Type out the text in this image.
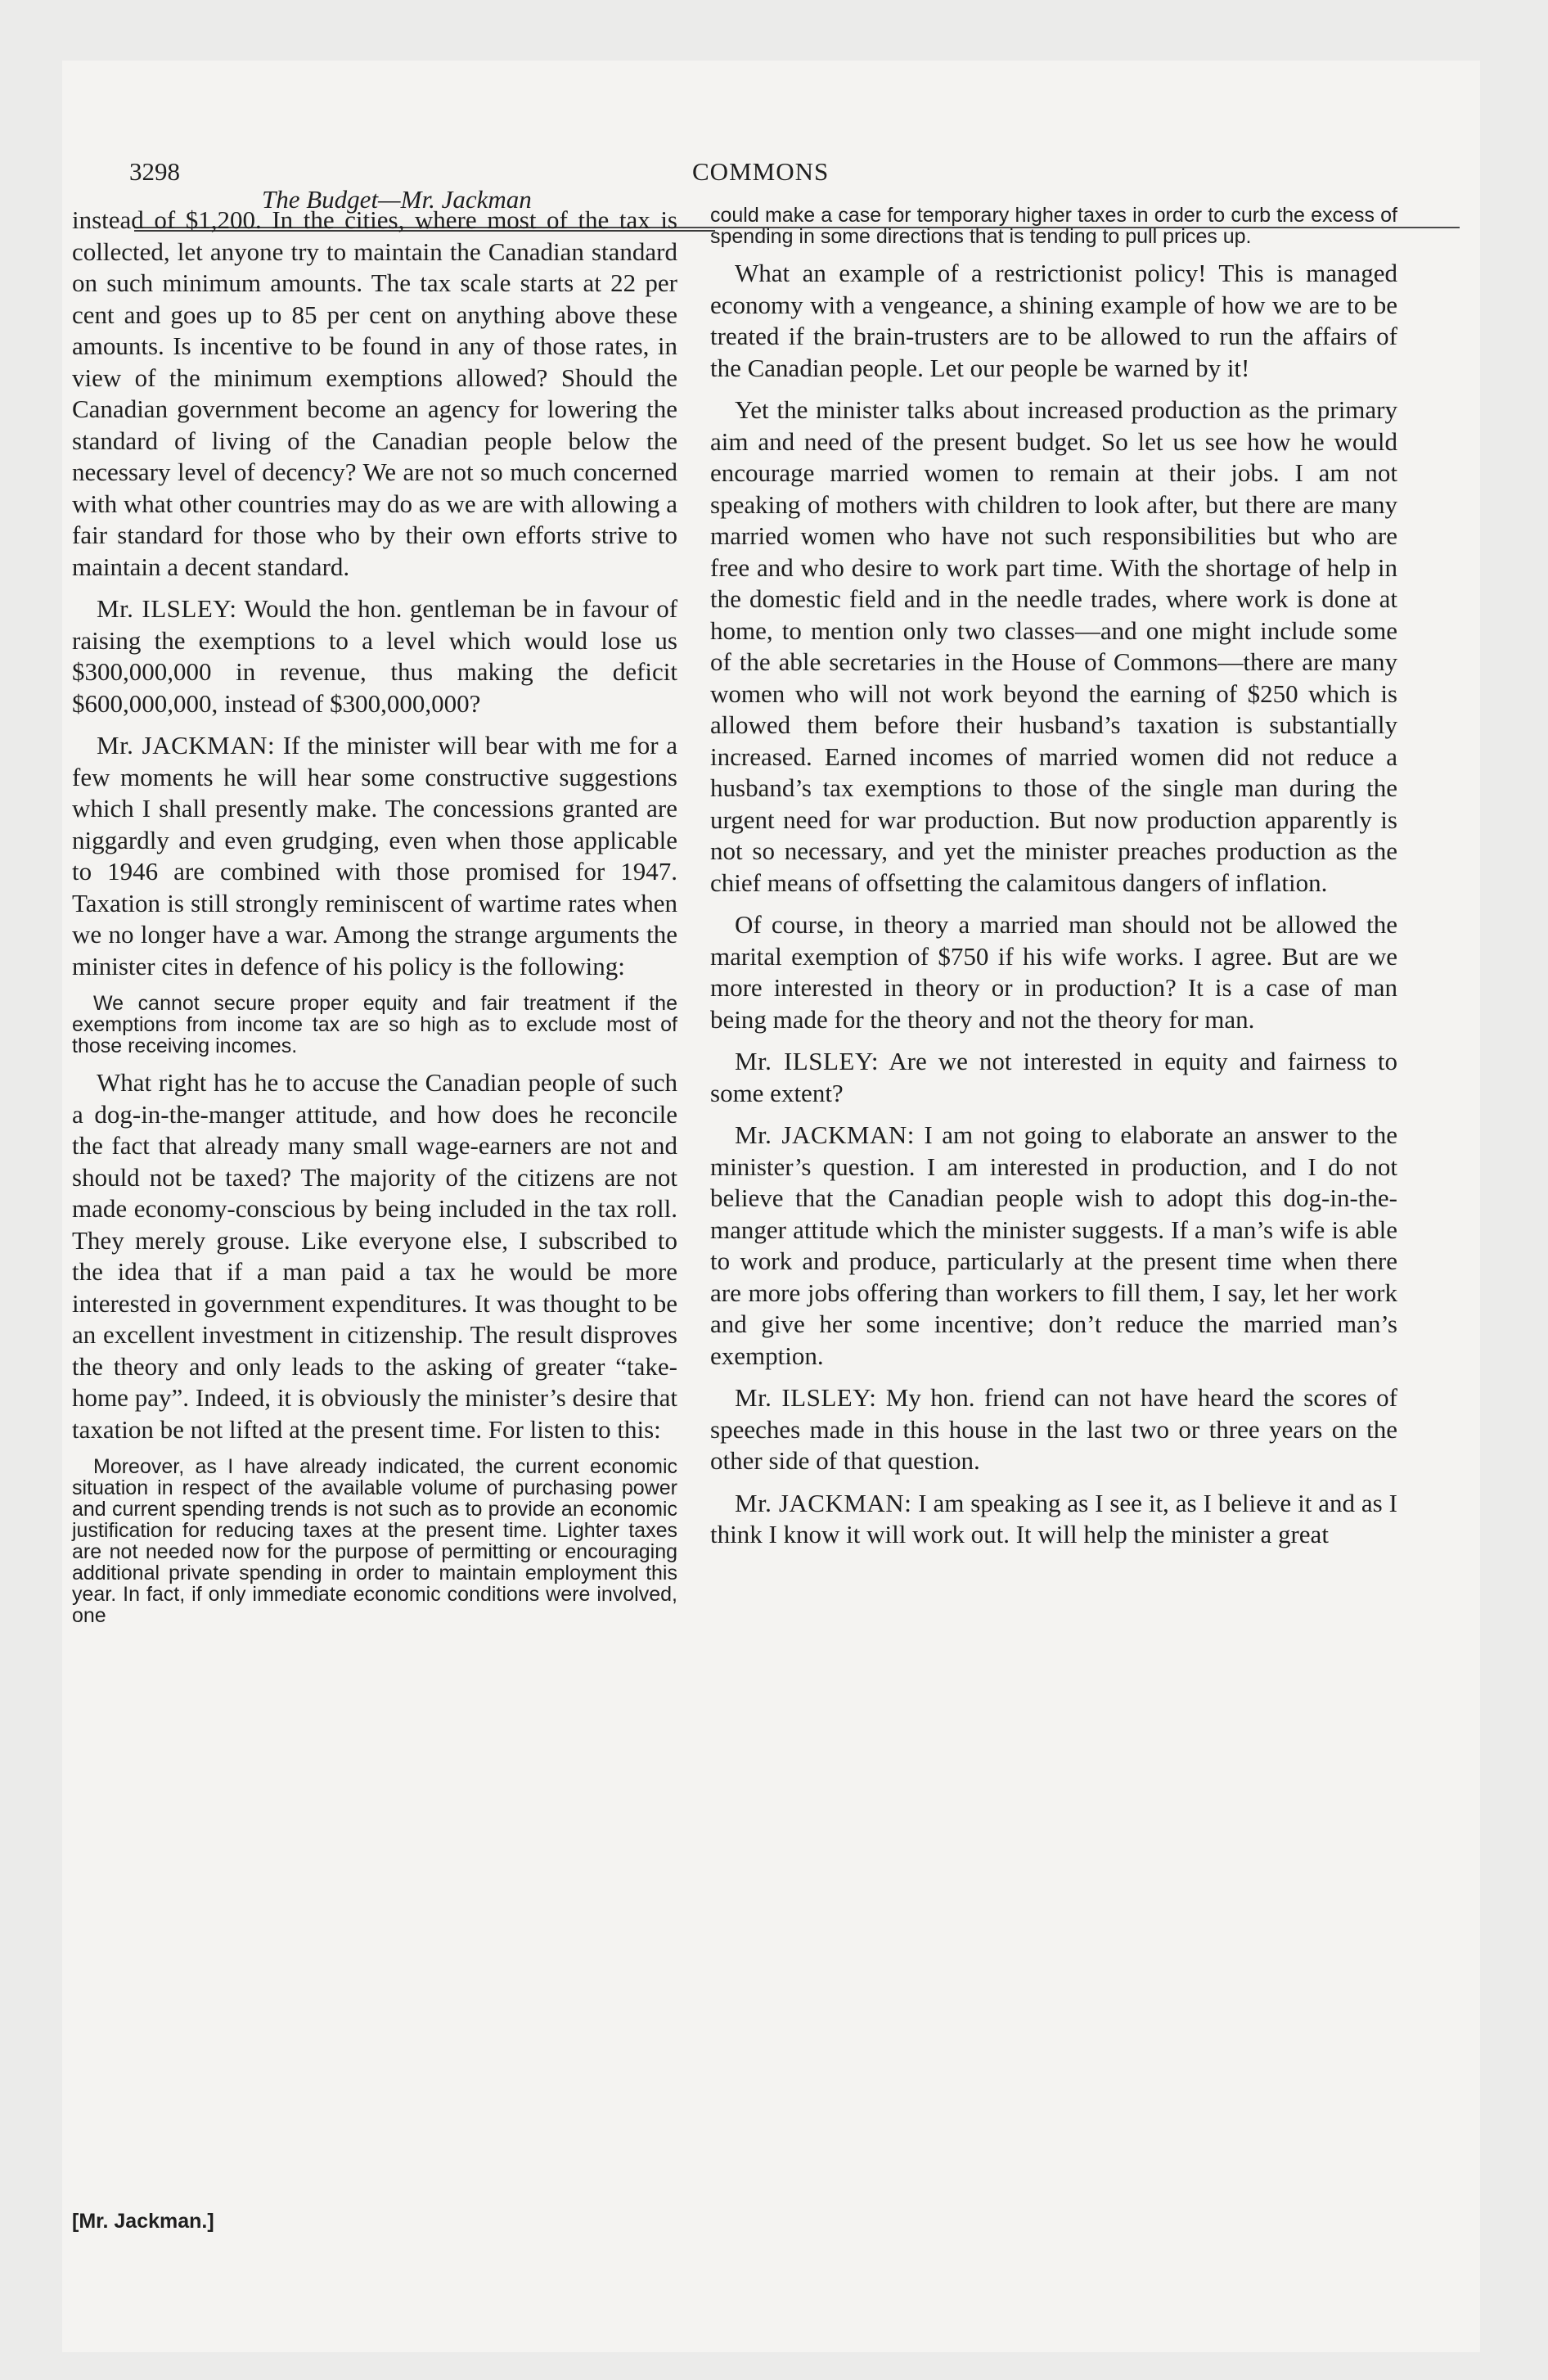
3298	COMMONS
The Budget—Mr. Jackman

instead of $1,200. In the cities, where most of the tax is collected, let anyone try to maintain the Canadian standard on such minimum amounts. The tax scale starts at 22 per cent and goes up to 85 per cent on anything above these amounts. Is incentive to be found in any of those rates, in view of the minimum exemptions allowed? Should the Canadian government become an agency for lowering the standard of living of the Canadian people below the necessary level of decency? We are not so much concerned with what other countries may do as we are with allowing a fair standard for those who by their own efforts strive to maintain a decent standard.

Mr. ILSLEY: Would the hon. gentleman be in favour of raising the exemptions to a level which would lose us $300,000,000 in revenue, thus making the deficit $600,000,000, instead of $300,000,000?

Mr. JACKMAN: If the minister will bear with me for a few moments he will hear some constructive suggestions which I shall presently make. The concessions granted are niggardly and even grudging, even when those applicable to 1946 are combined with those promised for 1947. Taxation is still strongly reminiscent of wartime rates when we no longer have a war. Among the strange arguments the minister cites in defence of his policy is the following:

We cannot secure proper equity and fair treatment if the exemptions from income tax are so high as to exclude most of those receiving incomes.

What right has he to accuse the Canadian people of such a dog-in-the-manger attitude, and how does he reconcile the fact that already many small wage-earners are not and should not be taxed? The majority of the citizens are not made economy-conscious by being included in the tax roll. They merely grouse. Like everyone else, I subscribed to the idea that if a man paid a tax he would be more interested in government expenditures. It was thought to be an excellent investment in citizenship. The result disproves the theory and only leads to the asking of greater “take-home pay”. Indeed, it is obviously the minister’s desire that taxation be not lifted at the present time. For listen to this:

Moreover, as I have already indicated, the current economic situation in respect of the available volume of purchasing power and current spending trends is not such as to provide an economic justification for reducing taxes at the present time. Lighter taxes are not needed now for the purpose of permitting or encouraging additional private spending in order to maintain employment this year. In fact, if only immediate economic conditions were involved, one
[Mr. Jackman.]
could make a case for temporary higher taxes in order to curb the excess of spending in some directions that is tending to pull prices up.

What an example of a restrictionist policy! This is managed economy with a vengeance, a shining example of how we are to be treated if the brain-trusters are to be allowed to run the affairs of the Canadian people. Let our people be warned by it!

Yet the minister talks about increased production as the primary aim and need of the present budget. So let us see how he would encourage married women to remain at their jobs. I am not speaking of mothers with children to look after, but there are many married women who have not such responsibilities but who are free and who desire to work part time. With the shortage of help in the domestic field and in the needle trades, where work is done at home, to mention only two classes—and one might include some of the able secretaries in the House of Commons—there are many women who will not work beyond the earning of $250 which is allowed them before their husband’s taxation is substantially increased. Earned incomes of married women did not reduce a husband’s tax exemptions to those of the single man during the urgent need for war production. But now production apparently is not so necessary, and yet the minister preaches production as the chief means of offsetting the calamitous dangers of inflation.

Of course, in theory a married man should not be allowed the marital exemption of $750 if his wife works. I agree. But are we more interested in theory or in production? It is a case of man being made for the theory and not the theory for man.

Mr. ILSLEY: Are we not interested in equity and fairness to some extent?

Mr. JACKMAN: I am not going to elaborate an answer to the minister’s question. I am interested in production, and I do not believe that the Canadian people wish to adopt this dog-in-the-manger attitude which the minister suggests. If a man’s wife is able to work and produce, particularly at the present time when there are more jobs offering than workers to fill them, I say, let her work and give her some incentive; don’t reduce the married man’s exemption.

Mr. ILSLEY: My hon. friend can not have heard the scores of speeches made in this house in the last two or three years on the other side of that question.

Mr. JACKMAN: I am speaking as I see it, as I believe it and as I think I know it will work out. It will help the minister a great
